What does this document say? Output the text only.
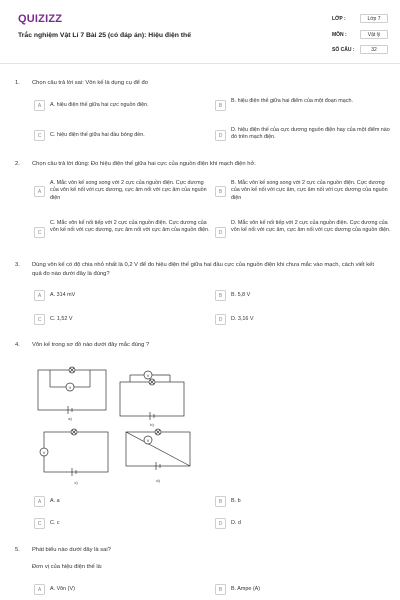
QUIZIZZ
Trắc nghiệm Vật Lí 7 Bài 25 (có đáp án): Hiệu điện thế
LỚP :	Lớp 7
MÔN :	Vật lý
SỐ CÂU :	32
1. Chọn câu trả lời sai: Vôn kế là dụng cụ để đo
A	A. hiệu điện thế giữa hai cực nguồn điện.	B
B. hiệu điện thế giữa hai điểm của một đoạn mạch.
C	C. hiệu điện thế giữa hai đầu bóng đèn.	D
D. hiệu điện thế của cực dương nguồn điện hay của một điểm nào đó trên mạch điện.
2. Chọn câu trả lời đúng: Đo hiệu điện thế giữa hai cực của nguồn điện khi mạch điện hở.
A
A. Mắc vôn kế song song với 2 cực của nguồn điện. Cực dương của vôn kế nối với cực dương, cực âm nối với cực âm của nguồn điện
B
B. Mắc vôn kế song song với 2 cực của nguồn điện. Cực dương của vôn kế nối với cực âm, cực âm nối với cực dương của nguồn điện
C
C. Mắc vôn kế nối tiếp với 2 cực của nguồn điện. Cực dương của vôn kế nối với cực dương, cực âm nối với cực âm của nguồn điện.	D
D. Mắc vôn kế nối tiếp với 2 cực của nguồn điện. Cực dương của vôn kế nối với cực âm, cực âm nối với cực dương của nguồn điện.
3. Dùng vôn kế có độ chia nhỏ nhất là 0,2 V để đo hiệu điện thế giữa hai đầu cực của nguồn điện khi chưa mắc vào mạch, cách viết kết quả đo nào dưới đây là đúng?
A	A. 314 mV	B	B. 5,8 V
C	C. 1,52 V	D	D. 3,16 V
4. Vôn kế trong sơ đồ nào dưới đây mắc đúng ?
V
V
V
V
a)
b)
c)	d)
A	A. a	B	B. b
C	C. c	D	D. d
5. Phát biểu nào dưới đây là sai?
Đơn vị của hiệu điện thế là:
A	A. Vôn (V)	B	B. Ampe (A)
